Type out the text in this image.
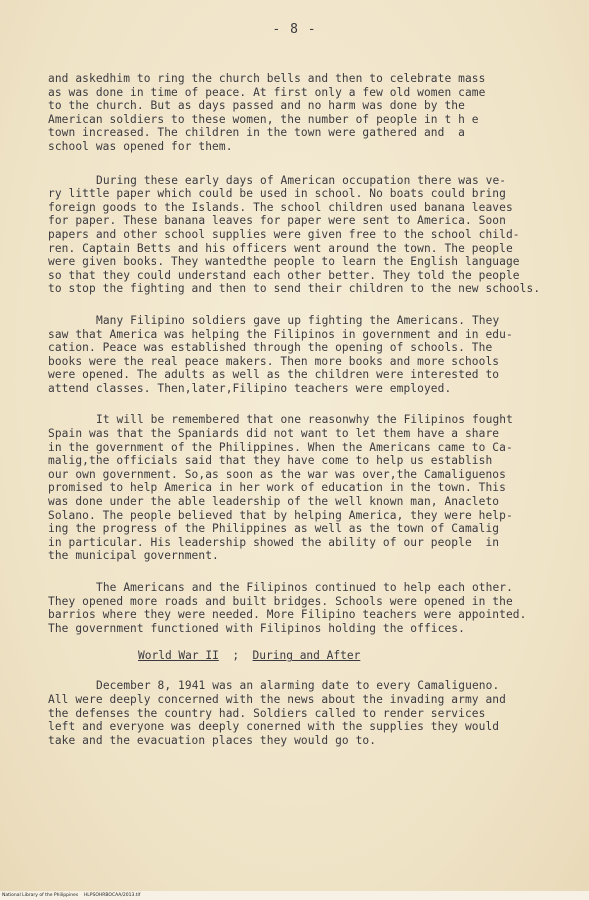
- 8 -

and askedhim to ring the church bells and then to celebrate mass
as was done in time of peace. At first only a few old women came
to the church. But as days passed and no harm was done by the
American soldiers to these women, the number of people in t h e
town increased. The children in the town were gathered and  a
school was opened for them.

During these early days of American occupation there was ve-
ry little paper which could be used in school. No boats could bring
foreign goods to the Islands. The school children used banana leaves
for paper. These banana leaves for paper were sent to America. Soon
papers and other school supplies were given free to the school child-
ren. Captain Betts and his officers went around the town. The people
were given books. They wantedthe people to learn the English language
so that they could understand each other better. They told the people
to stop the fighting and then to send their children to the new schools.

Many Filipino soldiers gave up fighting the Americans. They
saw that America was helping the Filipinos in government and in edu-
cation. Peace was established through the opening of schools. The
books were the real peace makers. Then more books and more schools
were opened. The adults as well as the children were interested to
attend classes. Then,later,Filipino teachers were employed.

It will be remembered that one reasonwhy the Filipinos fought
Spain was that the Spaniards did not want to let them have a share
in the government of the Philippines. When the Americans came to Ca-
malig,the officials said that they have come to help us establish
our own government. So,as soon as the war was over,the Camaliguenos
promised to help America in her work of education in the town. This
was done under the able leadership of the well known man, Anacleto
Solano. The people believed that by helping America, they were help-
ing the progress of the Philippines as well as the town of Camalig
in particular. His leadership showed the ability of our people  in
the municipal government.

The Americans and the Filipinos continued to help each other.
They opened more roads and built bridges. Schools were opened in the
barrios where they were needed. More Filipino teachers were appointed.
The government functioned with Filipinos holding the offices.

World War II ; During and After

December 8, 1941 was an alarming date to every Camaligueno.
All were deeply concerned with the news about the invading army and
the defenses the country had. Soldiers called to render services
left and everyone was deeply conerned with the supplies they would
take and the evacuation places they would go to.

National Library of the Philippines    HLPSOHRBOCAA/2013.tif
